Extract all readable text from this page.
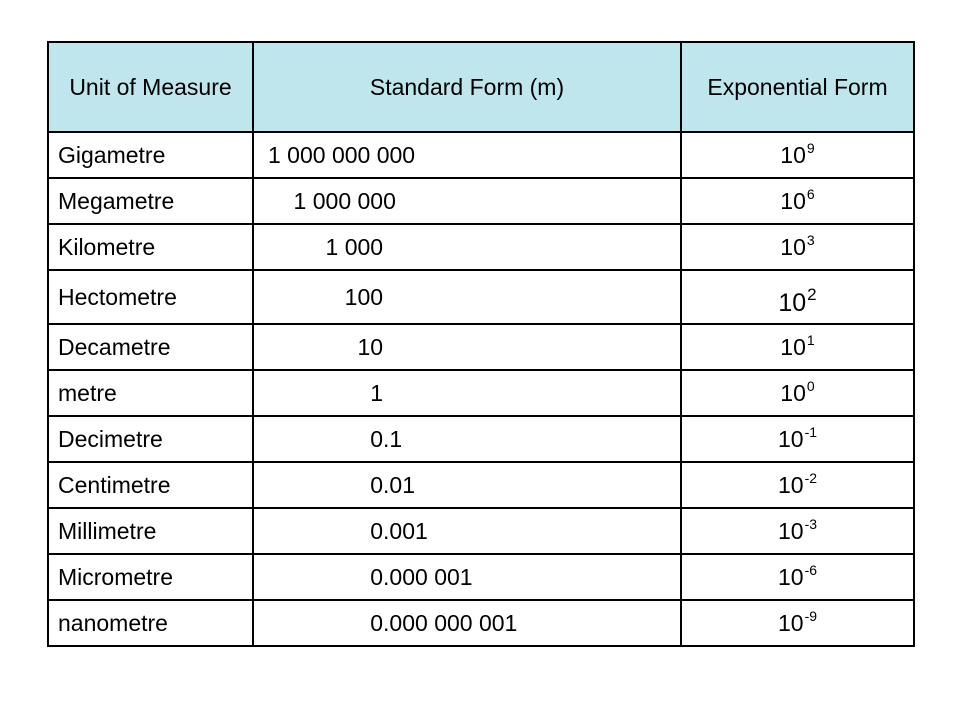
Unit of Measure	Standard Form (m)	Exponential Form
Gigametre	1 000 000 000	$10^9$
Megametre	1 000 000	$10^6$
Kilometre	1 000	$10^3$
Hectometre	100	$10^2$
Decametre	10	$10^1$
metre	1	$10^0$
Decimetre	0.1	$10^{-1}$
Centimetre	0.01	$10^{-2}$
Millimetre	0.001	$10^{-3}$
Micrometre	0.000 001	$10^{-6}$
nanometre	0.000 000 001	$10^{-9}$
